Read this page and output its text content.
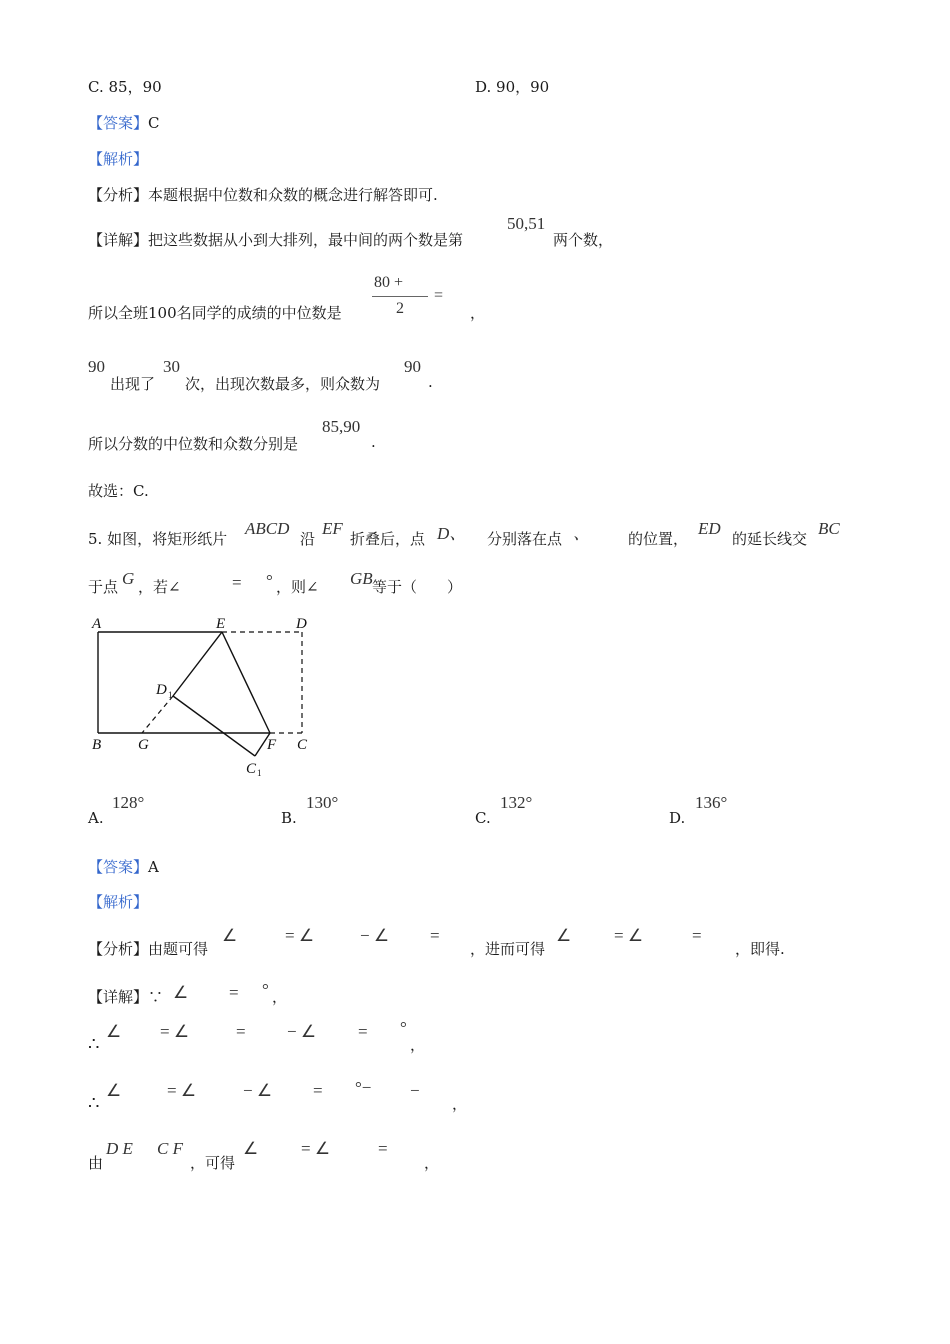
C. 85，90	D. 90，90
【答案】C
【解析】
【分析】本题根据中位数和众数的概念进行解答即可.
【详解】把这些数据从小到大排列，最中间的两个数是第
50,51
两个数，
所以全班100名同学的成绩的中位数是
80 +
2
=
，
90
出现了
30
次，出现次数最多，则众数为
90
.
所以分数的中位数和众数分别是
85,90
.
故选：C.
5. 如图，将矩形纸片
ABCD
沿
EF
折叠后，点 D、 分别落在点 、	的位置，
ED
的延长线交
BC
于点 G ，若∠	= ° ，则∠ GB 等于（　　）
A	E	D
D 1
B G	F C
C 1
A.
128°
B.
130°
C.
132°
D.
136°
【答案】A
【解析】
【分析】由题可得
∠	= ∠	− ∠ =
，进而可得
∠	= ∠	=
，即得.
【详解】∵ ∠ = ° ，
∴
∠ = ∠	= − ∠ = °
，
∴
∠	= ∠	− ∠ = °− −
，
由
D E C F
，可得
∠	= ∠	=
，
